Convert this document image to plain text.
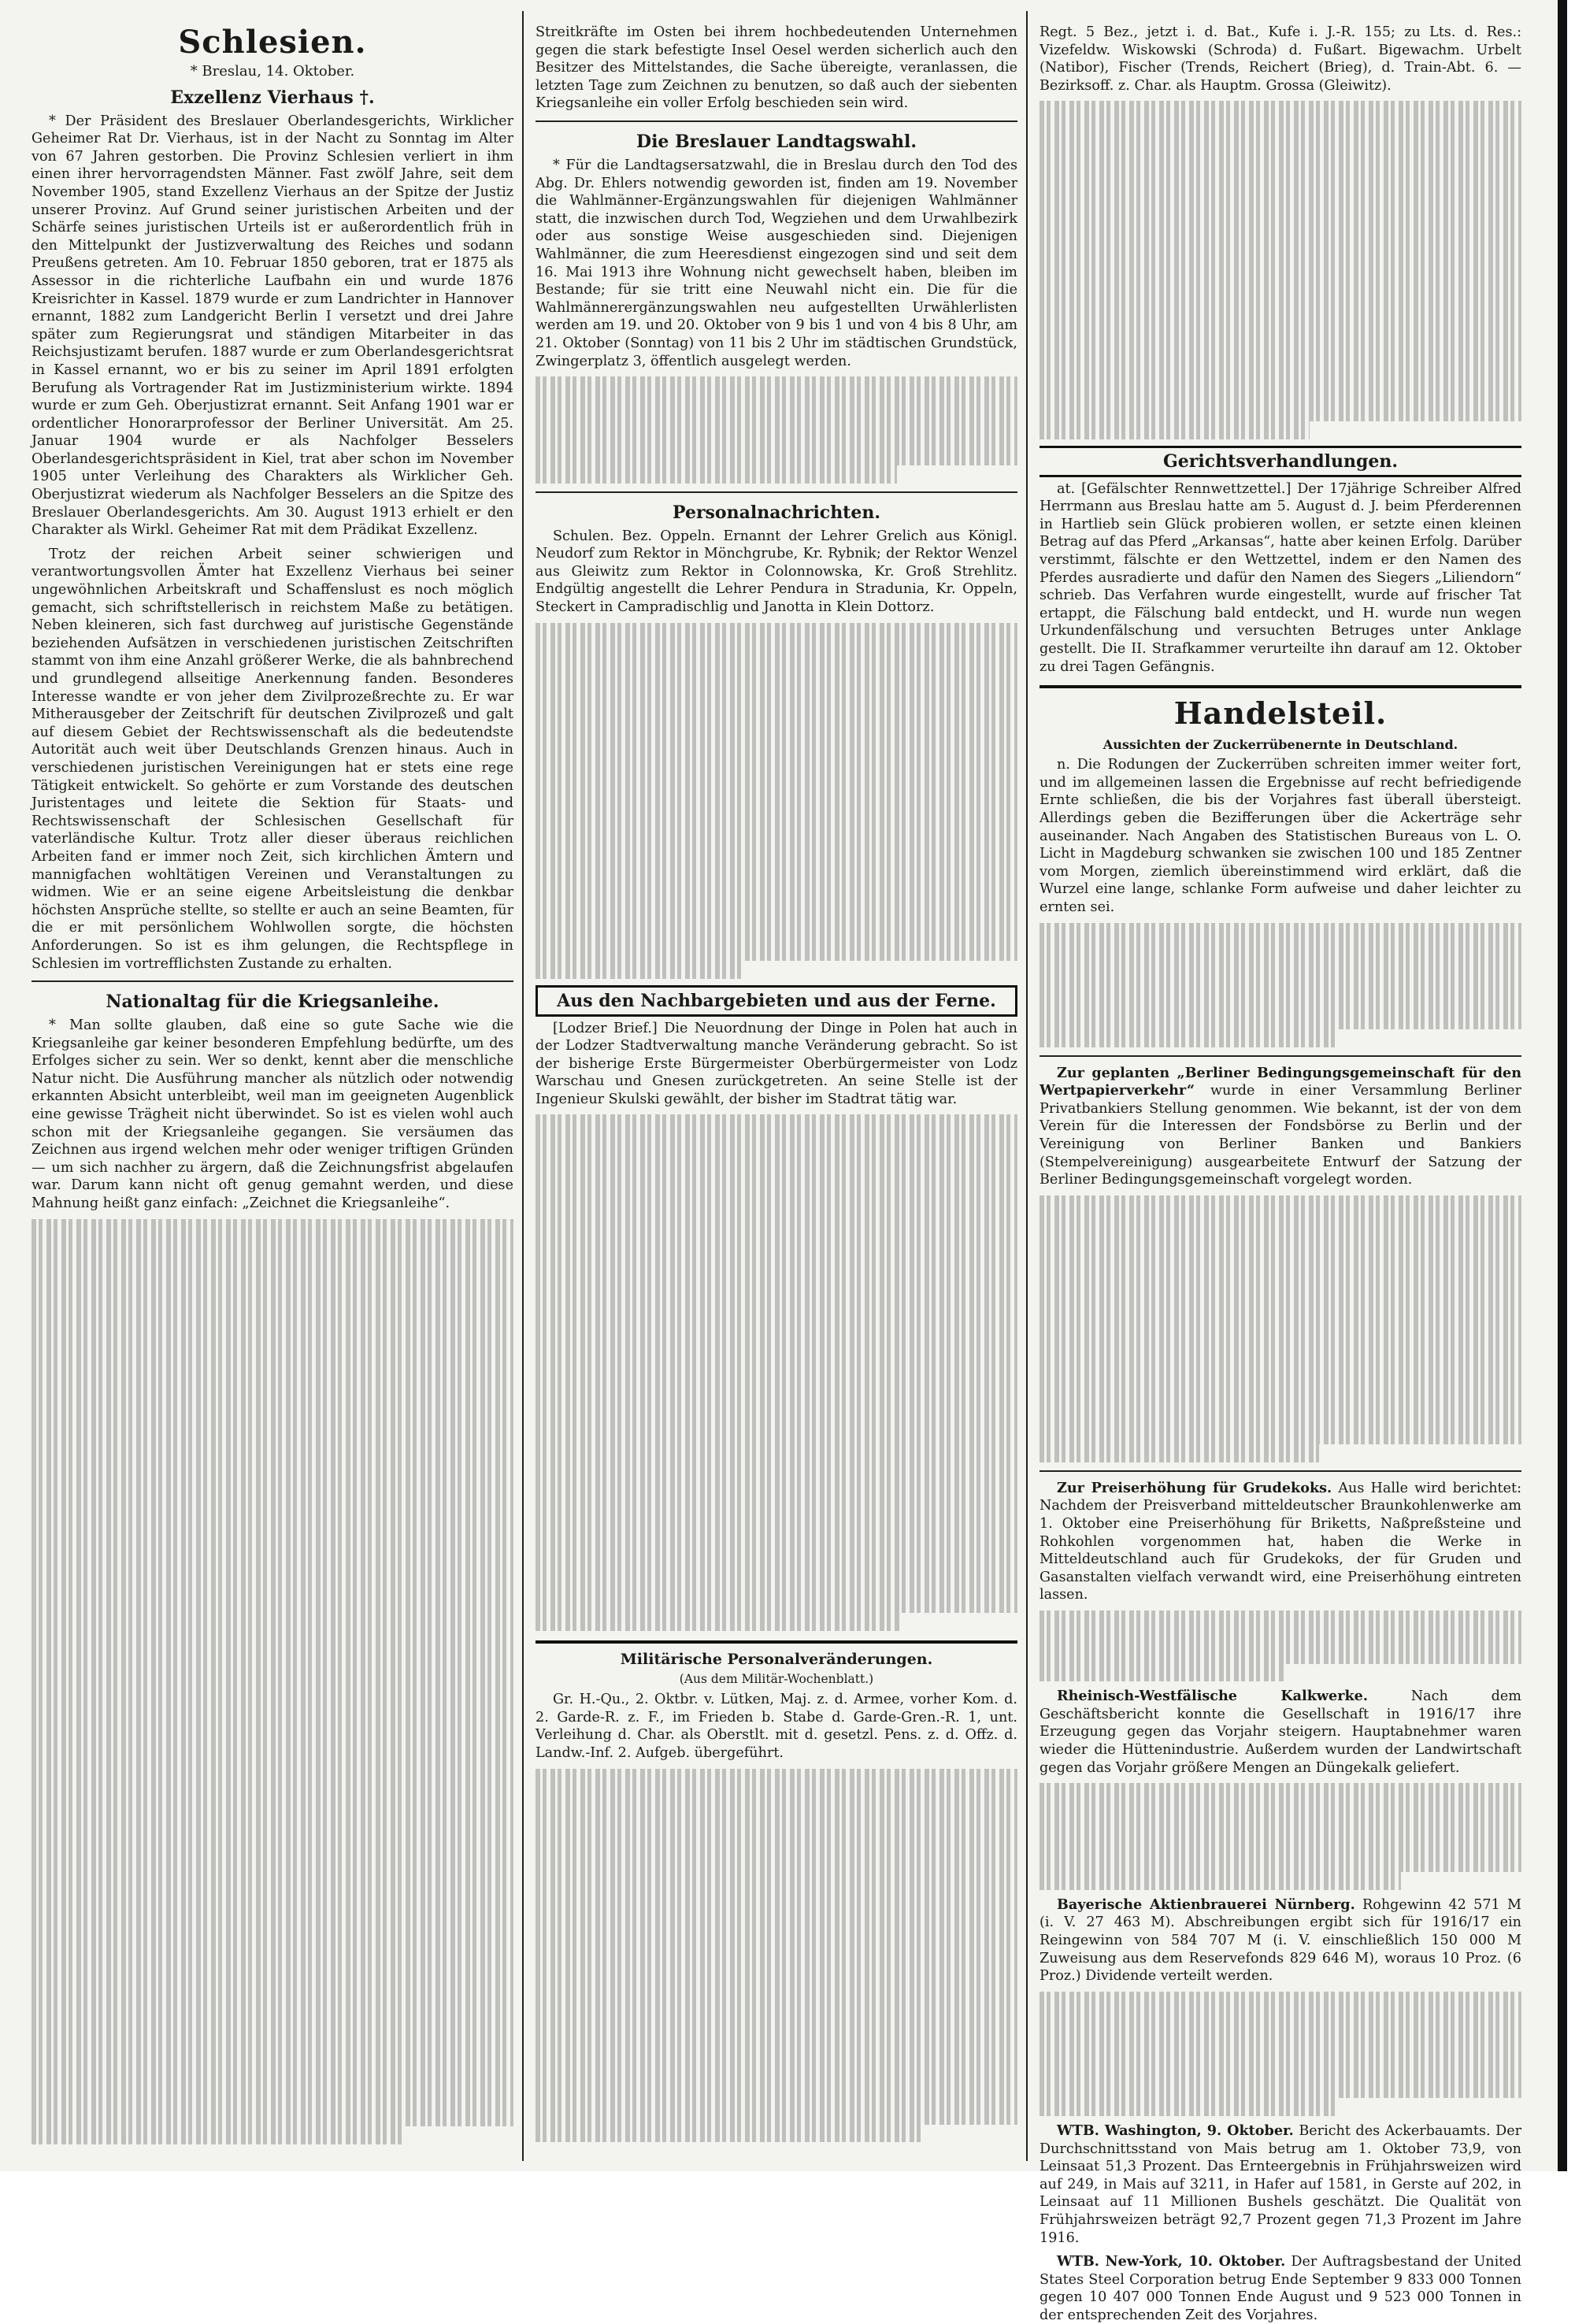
Schlesien.
* Breslau, 14. Oktober.
Exzellenz Vierhaus †.

* Der Präsident des Breslauer Oberlandesgerichts, Wirklicher Geheimer Rat Dr. Vierhaus, ist in der Nacht zu Sonntag im Alter von 67 Jahren gestorben. Die Provinz Schlesien verliert in ihm einen ihrer hervorragendsten Männer. Fast zwölf Jahre, seit dem November 1905, stand Exzellenz Vierhaus an der Spitze der Justiz unserer Provinz. Auf Grund seiner juristischen Arbeiten und der Schärfe seines juristischen Urteils ist er außerordentlich früh in den Mittelpunkt der Justizverwaltung des Reiches und sodann Preußens getreten. Am 10. Februar 1850 geboren, trat er 1875 als Assessor in die richterliche Laufbahn ein und wurde 1876 Kreisrichter in Kassel. 1879 wurde er zum Landrichter in Hannover ernannt, 1882 zum Landgericht Berlin I versetzt und drei Jahre später zum Regierungsrat und ständigen Mitarbeiter in das Reichsjustizamt berufen. 1887 wurde er zum Oberlandesgerichtsrat in Kassel ernannt, wo er bis zu seiner im April 1891 erfolgten Berufung als Vortragender Rat im Justizministerium wirkte. 1894 wurde er zum Geh. Oberjustizrat ernannt. Seit Anfang 1901 war er ordentlicher Honorarprofessor der Berliner Universität. Am 25. Januar 1904 wurde er als Nachfolger Besselers Oberlandesgerichtspräsident in Kiel, trat aber schon im November 1905 unter Verleihung des Charakters als Wirklicher Geh. Oberjustizrat wiederum als Nachfolger Besselers an die Spitze des Breslauer Oberlandesgerichts. Am 30. August 1913 erhielt er den Charakter als Wirkl. Geheimer Rat mit dem Prädikat Exzellenz.

Trotz der reichen Arbeit seiner schwierigen und verantwortungsvollen Ämter hat Exzellenz Vierhaus bei seiner ungewöhnlichen Arbeitskraft und Schaffenslust es noch möglich gemacht, sich schriftstellerisch in reichstem Maße zu betätigen. Neben kleineren, sich fast durchweg auf juristische Gegenstände beziehenden Aufsätzen in verschiedenen juristischen Zeitschriften stammt von ihm eine Anzahl größerer Werke, die als bahnbrechend und grundlegend allseitige Anerkennung fanden. Besonderes Interesse wandte er von jeher dem Zivilprozeßrechte zu. Er war Mitherausgeber der Zeitschrift für deutschen Zivilprozeß und galt auf diesem Gebiet der Rechtswissenschaft als die bedeutendste Autorität auch weit über Deutschlands Grenzen hinaus. Auch in verschiedenen juristischen Vereinigungen hat er stets eine rege Tätigkeit entwickelt. So gehörte er zum Vorstande des deutschen Juristentages und leitete die Sektion für Staats- und Rechtswissenschaft der Schlesischen Gesellschaft für vaterländische Kultur. Trotz aller dieser überaus reichlichen Arbeiten fand er immer noch Zeit, sich kirchlichen Ämtern und mannigfachen wohltätigen Vereinen und Veranstaltungen zu widmen. Wie er an seine eigene Arbeitsleistung die denkbar höchsten Ansprüche stellte, so stellte er auch an seine Beamten, für die er mit persönlichem Wohlwollen sorgte, die höchsten Anforderungen. So ist es ihm gelungen, die Rechtspflege in Schlesien im vortrefflichsten Zustande zu erhalten.

Nationaltag für die Kriegsanleihe.

* Man sollte glauben, daß eine so gute Sache wie die Kriegsanleihe gar keiner besonderen Empfehlung bedürfte, um des Erfolges sicher zu sein. Wer so denkt, kennt aber die menschliche Natur nicht. Die Ausführung mancher als nützlich oder notwendig erkannten Absicht unterbleibt, weil man im geeigneten Augenblick eine gewisse Trägheit nicht überwindet. So ist es vielen wohl auch schon mit der Kriegsanleihe gegangen. Sie versäumen das Zeichnen aus irgend welchen mehr oder weniger triftigen Gründen — um sich nachher zu ärgern, daß die Zeichnungsfrist abgelaufen war. Darum kann nicht oft genug gemahnt werden, und diese Mahnung heißt ganz einfach: „Zeichnet die Kriegsanleihe“.

Streitkräfte im Osten bei ihrem hochbedeutenden Unternehmen gegen die stark befestigte Insel Oesel werden sicherlich auch den Besitzer des Mittelstandes, die Sache übereigte, veranlassen, die letzten Tage zum Zeichnen zu benutzen, so daß auch der siebenten Kriegsanleihe ein voller Erfolg beschieden sein wird.

Die Breslauer Landtagswahl.

* Für die Landtagsersatzwahl, die in Breslau durch den Tod des Abg. Dr. Ehlers notwendig geworden ist, finden am 19. November die Wahlmänner-Ergänzungswahlen für diejenigen Wahlmänner statt, die inzwischen durch Tod, Wegziehen und dem Urwahlbezirk oder aus sonstige Weise ausgeschieden sind. Diejenigen Wahlmänner, die zum Heeresdienst eingezogen sind und seit dem 16. Mai 1913 ihre Wohnung nicht gewechselt haben, bleiben im Bestande; für sie tritt eine Neuwahl nicht ein. Die für die Wahlmännerergänzungswahlen neu aufgestellten Urwählerlisten werden am 19. und 20. Oktober von 9 bis 1 und von 4 bis 8 Uhr, am 21. Oktober (Sonntag) von 11 bis 2 Uhr im städtischen Grundstück, Zwingerplatz 3, öffentlich ausgelegt werden.

Personalnachrichten.

Schulen. Bez. Oppeln. Ernannt der Lehrer Grelich aus Königl. Neudorf zum Rektor in Mönchgrube, Kr. Rybnik; der Rektor Wenzel aus Gleiwitz zum Rektor in Colonnowska, Kr. Groß Strehlitz. Endgültig angestellt die Lehrer Pendura in Stradunia, Kr. Oppeln, Steckert in Campradischlig und Janotta in Klein Dottorz.

Aus den Nachbargebieten und aus der Ferne.

[Lodzer Brief.] Die Neuordnung der Dinge in Polen hat auch in der Lodzer Stadtverwaltung manche Veränderung gebracht. So ist der bisherige Erste Bürgermeister Oberbürgermeister von Lodz Warschau und Gnesen zurückgetreten. An seine Stelle ist der Ingenieur Skulski gewählt, der bisher im Stadtrat tätig war.

Militärische Personalveränderungen.
(Aus dem Militär-Wochenblatt.)

Gr. H.-Qu., 2. Oktbr. v. Lütken, Maj. z. d. Armee, vorher Kom. d. 2. Garde-R. z. F., im Frieden b. Stabe d. Garde-Gren.-R. 1, unt. Verleihung d. Char. als Oberstlt. mit d. gesetzl. Pens. z. d. Offz. d. Landw.-Inf. 2. Aufgeb. übergeführt.

Regt. 5 Bez., jetzt i. d. Bat., Kufe i. J.-R. 155; zu Lts. d. Res.: Vizefeldw. Wiskowski (Schroda) d. Fußart. Bigewachm. Urbelt (Natibor), Fischer (Trends, Reichert (Brieg), d. Train-Abt. 6. — Bezirksoff. z. Char. als Hauptm. Grossa (Gleiwitz).

Gerichtsverhandlungen.

at. [Gefälschter Rennwettzettel.] Der 17jährige Schreiber Alfred Herrmann aus Breslau hatte am 5. August d. J. beim Pferderennen in Hartlieb sein Glück probieren wollen, er setzte einen kleinen Betrag auf das Pferd „Arkansas“, hatte aber keinen Erfolg. Darüber verstimmt, fälschte er den Wettzettel, indem er den Namen des Pferdes ausradierte und dafür den Namen des Siegers „Liliendorn“ schrieb. Das Verfahren wurde eingestellt, wurde auf frischer Tat ertappt, die Fälschung bald entdeckt, und H. wurde nun wegen Urkundenfälschung und versuchten Betruges unter Anklage gestellt. Die II. Strafkammer verurteilte ihn darauf am 12. Oktober zu drei Tagen Gefängnis.

Handelsteil.
Aussichten der Zuckerrübenernte in Deutschland.

n. Die Rodungen der Zuckerrüben schreiten immer weiter fort, und im allgemeinen lassen die Ergebnisse auf recht befriedigende Ernte schließen, die bis der Vorjahres fast überall übersteigt. Allerdings geben die Bezifferungen über die Ackerträge sehr auseinander. Nach Angaben des Statistischen Bureaus von L. O. Licht in Magdeburg schwanken sie zwischen 100 und 185 Zentner vom Morgen, ziemlich übereinstimmend wird erklärt, daß die Wurzel eine lange, schlanke Form aufweise und daher leichter zu ernten sei.

Zur geplanten „Berliner Bedingungsgemeinschaft für den Wertpapierverkehr“ wurde in einer Versammlung Berliner Privatbankiers Stellung genommen. Wie bekannt, ist der von dem Verein für die Interessen der Fondsbörse zu Berlin und der Vereinigung von Berliner Banken und Bankiers (Stempelvereinigung) ausgearbeitete Entwurf der Satzung der Berliner Bedingungsgemeinschaft vorgelegt worden.

Zur Preiserhöhung für Grudekoks. Aus Halle wird berichtet: Nachdem der Preisverband mitteldeutscher Braunkohlenwerke am 1. Oktober eine Preiserhöhung für Briketts, Naßpreßsteine und Rohkohlen vorgenommen hat, haben die Werke in Mitteldeutschland auch für Grudekoks, der für Gruden und Gasanstalten vielfach verwandt wird, eine Preiserhöhung eintreten lassen.

Rheinisch-Westfälische Kalkwerke.	Nach dem Geschäftsbericht konnte die Gesellschaft in 1916/17 ihre Erzeugung gegen das Vorjahr steigern. Hauptabnehmer waren wieder die Hüttenindustrie. Außerdem wurden der Landwirtschaft gegen das Vorjahr größere Mengen an Düngekalk geliefert.

Bayerische Aktienbrauerei Nürnberg. Rohgewinn 42 571 M (i. V. 27 463 M). Abschreibungen ergibt sich für 1916/17 ein Reingewinn von 584 707 M (i. V. einschließlich 150 000 M Zuweisung aus dem Reservefonds 829 646 M), woraus 10 Proz. (6 Proz.) Dividende verteilt werden.

WTB. Washington, 9. Oktober. Bericht des Ackerbauamts. Der Durchschnittsstand von Mais betrug am 1. Oktober 73,9, von Leinsaat 51,3 Prozent. Das Ernteergebnis in Frühjahrsweizen wird auf 249, in Mais auf 3211, in Hafer auf 1581, in Gerste auf 202, in Leinsaat auf 11 Millionen Bushels geschätzt. Die Qualität von Frühjahrsweizen beträgt 92,7 Prozent gegen 71,3 Prozent im Jahre 1916.

WTB. New-York, 10. Oktober. Der Auftragsbestand der United States Steel Corporation betrug Ende September 9 833 000 Tonnen gegen 10 407 000 Tonnen Ende August und 9 523 000 Tonnen in der entsprechenden Zeit des Vorjahres.
